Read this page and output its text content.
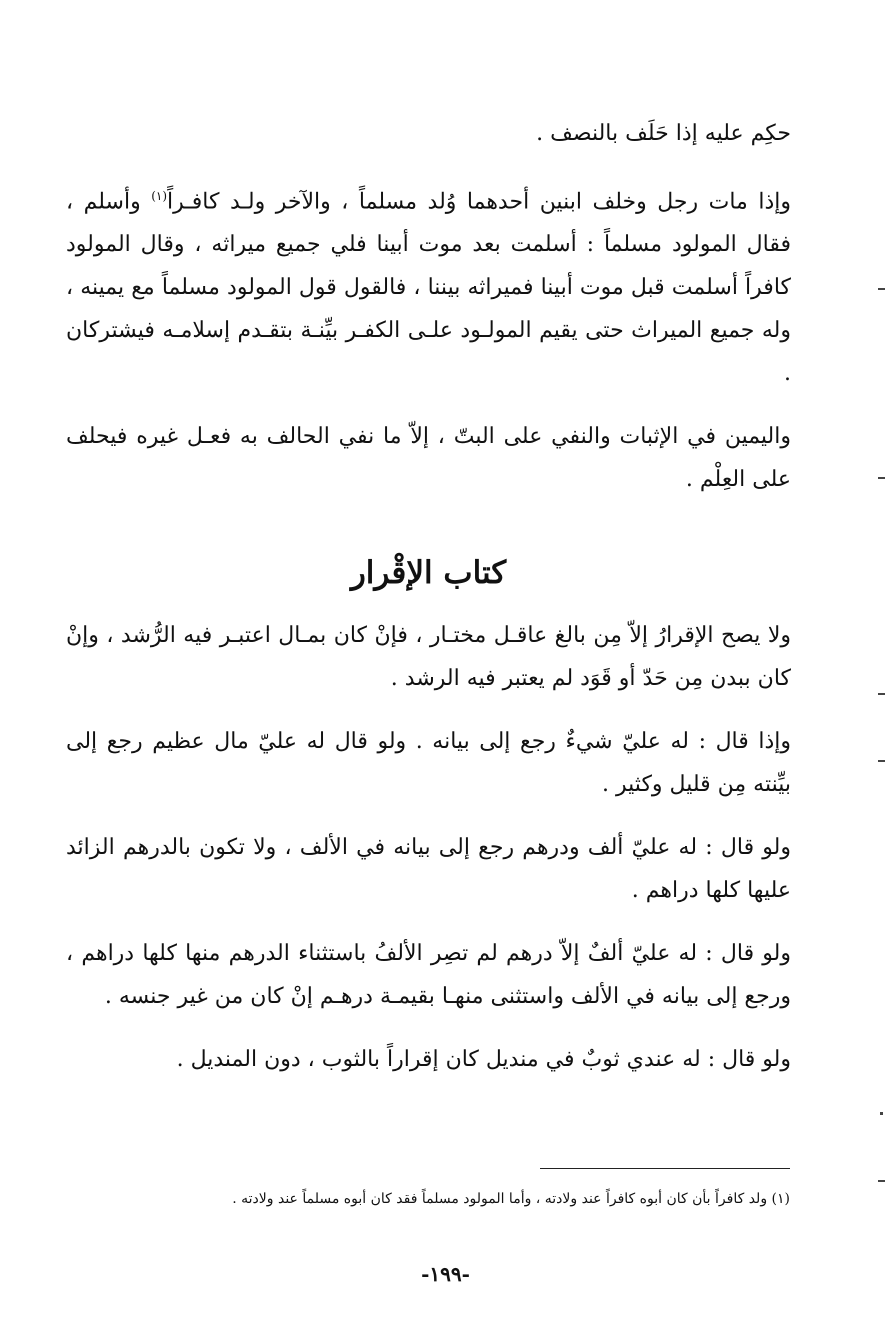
حكِم عليه إذا حَلَف بالنصف .

وإذا مات رجل وخلف ابنين أحدهما وُلد مسلماً ، والآخر ولـد كافـراً$^{(١)}$ وأسلم ، فقال المولود مسلماً : أسلمت بعد موت أبينا فلي جميع ميراثه ، وقال المولود كافراً أسلمت قبل موت أبينا فميراثه بيننا ، فالقول قول المولود مسلماً مع يمينه ، وله جميع الميراث حتى يقيم المولـود علـى الكفـر بيِّنـة بتقـدم إسلامـه فيشتركان .

واليمين في الإثبات والنفي على البتّ ، إلاّ ما نفي الحالف به فعـل غيره فيحلف على العِلْم .

كتاب الإقْرار

ولا يصح الإقرارُ إلاّ مِن بالغ عاقـل مختـار ، فإنْ كان بمـال اعتبـر فيه الرُّشد ، وإنْ كان ببدن مِن حَدّ أو قَوَد لم يعتبر فيه الرشد .

وإذا قال : له عليّ شيءٌ رجع إلى بيانه . ولو قال له عليّ مال عظيم رجع إلى بيِّنته مِن قليل وكثير .

ولو قال : له عليّ ألف ودرهم رجع إلى بيانه في الألف ، ولا تكون بالدرهم الزائد عليها كلها دراهم .

ولو قال : له عليّ ألفٌ إلاّ درهم لم تصِر الألفُ باستثناء الدرهم منها كلها دراهم ، ورجع إلى بيانه في الألف واستثنى منهـا بقيمـة درهـم إنْ كان من غير جنسه .

ولو قال : له عندي ثوبٌ في منديل كان إقراراً بالثوب ، دون المنديل .

(١) ولد كافراً بأن كان أبوه كافراً عند ولادته ، وأما المولود مسلماً فقد كان أبوه مسلماً عند ولادته .
-١٩٩-
